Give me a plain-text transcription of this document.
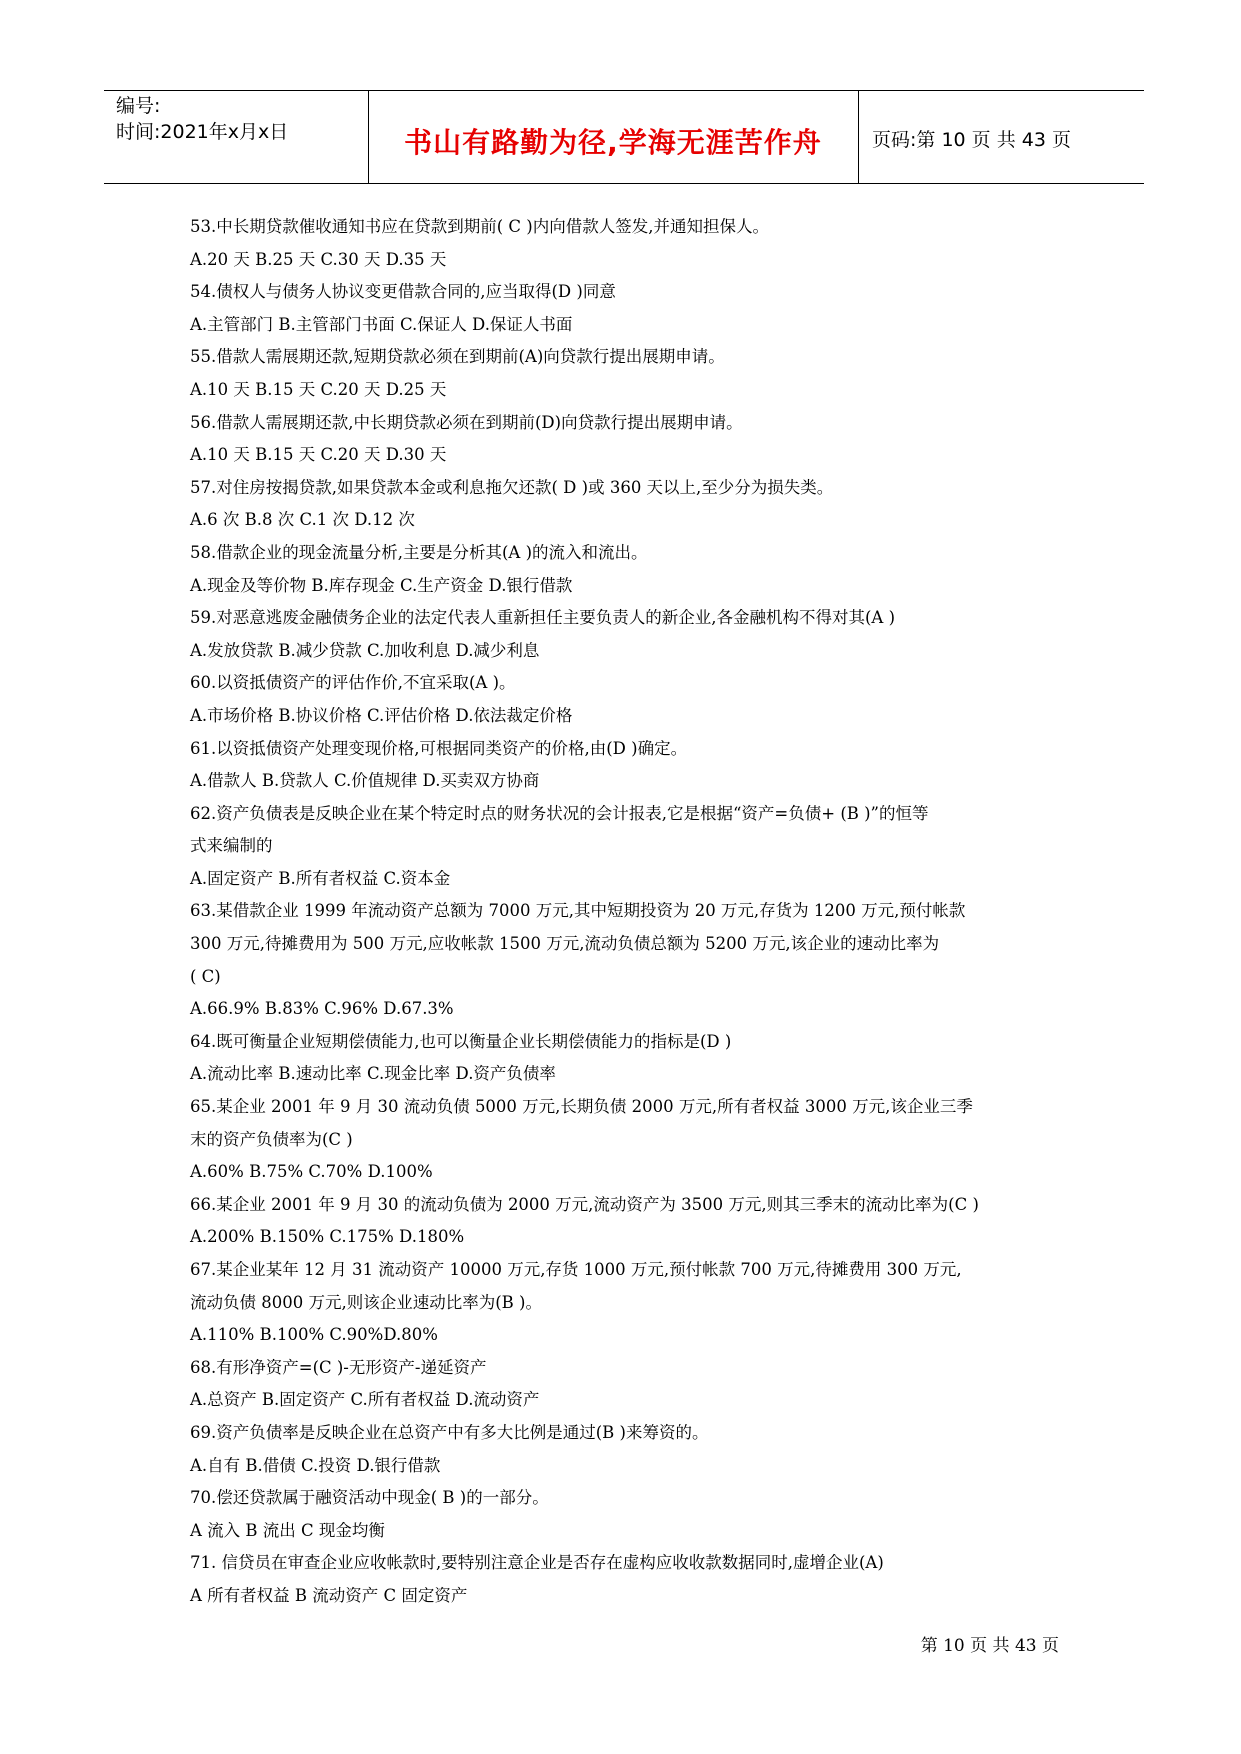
编号:
时间:2021年x月x日	书山有路勤为径,学海无涯苦作舟	页码:第 10 页 共 43 页
53.中长期贷款催收通知书应在贷款到期前( C )内向借款人签发,并通知担保人。
A.20 天 B.25 天 C.30 天 D.35 天
54.债权人与债务人协议变更借款合同的,应当取得(D )同意
A.主管部门 B.主管部门书面 C.保证人 D.保证人书面
55.借款人需展期还款,短期贷款必须在到期前(A)向贷款行提出展期申请。
A.10 天 B.15 天 C.20 天 D.25 天
56.借款人需展期还款,中长期贷款必须在到期前(D)向贷款行提出展期申请。
A.10 天 B.15 天 C.20 天 D.30 天
57.对住房按揭贷款,如果贷款本金或利息拖欠还款( D )或 360 天以上,至少分为损失类。
A.6 次 B.8 次 C.1 次 D.12 次
58.借款企业的现金流量分析,主要是分析其(A )的流入和流出。
A.现金及等价物 B.库存现金 C.生产资金 D.银行借款
59.对恶意逃废金融债务企业的法定代表人重新担任主要负责人的新企业,各金融机构不得对其(A )
A.发放贷款 B.减少贷款 C.加收利息 D.减少利息
60.以资抵债资产的评估作价,不宜采取(A )。
A.市场价格 B.协议价格 C.评估价格 D.依法裁定价格
61.以资抵债资产处理变现价格,可根据同类资产的价格,由(D )确定。
A.借款人 B.贷款人 C.价值规律 D.买卖双方协商
62.资产负债表是反映企业在某个特定时点的财务状况的会计报表,它是根据“资产=负债+ (B )”的恒等
式来编制的
A.固定资产 B.所有者权益 C.资本金
63.某借款企业 1999 年流动资产总额为 7000 万元,其中短期投资为 20 万元,存货为 1200 万元,预付帐款
300 万元,待摊费用为 500 万元,应收帐款 1500 万元,流动负债总额为 5200 万元,该企业的速动比率为
( C)
A.66.9% B.83% C.96% D.67.3%
64.既可衡量企业短期偿债能力,也可以衡量企业长期偿债能力的指标是(D )
A.流动比率 B.速动比率 C.现金比率 D.资产负债率
65.某企业 2001 年 9 月 30 流动负债 5000 万元,长期负债 2000 万元,所有者权益 3000 万元,该企业三季
末的资产负债率为(C )
A.60% B.75% C.70% D.100%
66.某企业 2001 年 9 月 30 的流动负债为 2000 万元,流动资产为 3500 万元,则其三季末的流动比率为(C )
A.200% B.150% C.175% D.180%
67.某企业某年 12 月 31 流动资产 10000 万元,存货 1000 万元,预付帐款 700 万元,待摊费用 300 万元,
流动负债 8000 万元,则该企业速动比率为(B )。
A.110% B.100% C.90%D.80%
68.有形净资产=(C )-无形资产-递延资产
A.总资产 B.固定资产 C.所有者权益 D.流动资产
69.资产负债率是反映企业在总资产中有多大比例是通过(B )来筹资的。
A.自有 B.借债 C.投资 D.银行借款
70.偿还贷款属于融资活动中现金( B )的一部分。
A 流入 B 流出 C 现金均衡
71. 信贷员在审查企业应收帐款时,要特别注意企业是否存在虚构应收收款数据同时,虚增企业(A)
A 所有者权益 B 流动资产 C 固定资产
第 10 页 共 43 页
